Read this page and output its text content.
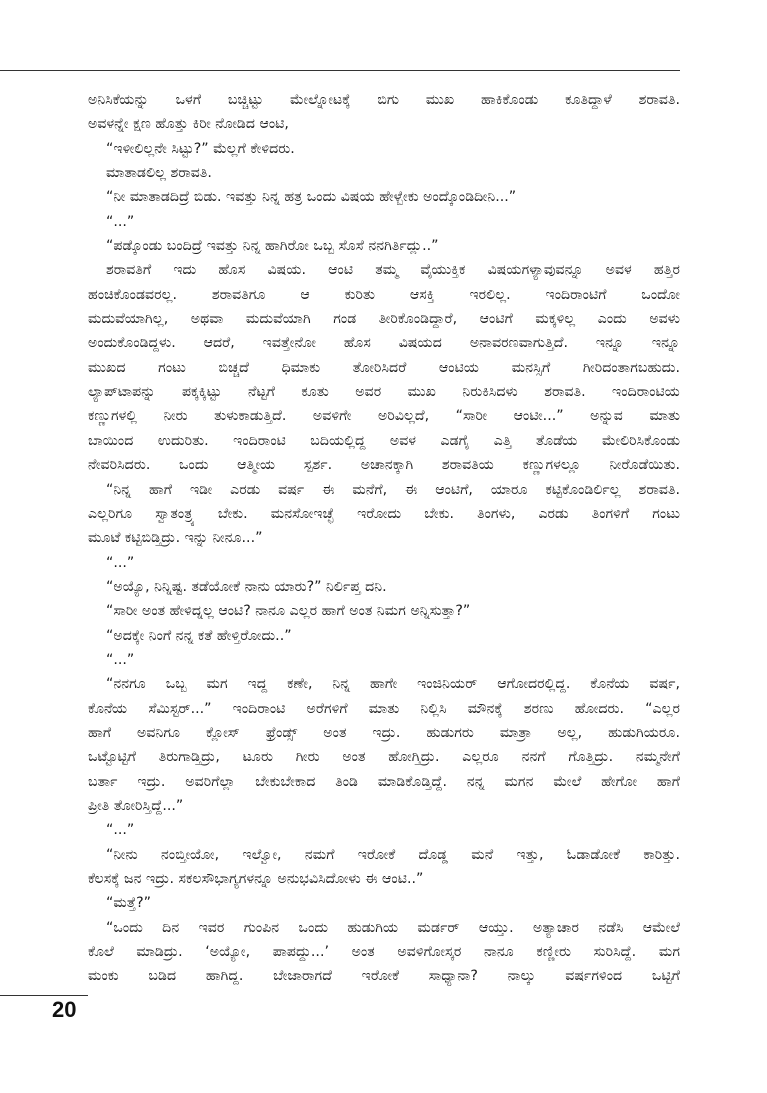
ಅನಿಸಿಕೆಯನ್ನು ಒಳಗೆ ಬಚ್ಚಿಟ್ಟು ಮೇಲ್ನೋಟಕ್ಕೆ ಬಿಗು ಮುಖ ಹಾಕಿಕೊಂಡು ಕೂತಿದ್ದಾಳೆ ಶರಾವತಿ.
ಅವಳನ್ನೇ ಕ್ಷಣ ಹೊತ್ತು ಕಿರೀ ನೋಡಿದ ಆಂಟಿ,
“ಇಳೀಲಿಲ್ಲನೇ ಸಿಟ್ಟು?” ಮೆಲ್ಲಗೆ ಕೇಳಿದರು.
ಮಾತಾಡಲಿಲ್ಲ ಶರಾವತಿ.
“ನೀ ಮಾತಾಡದಿದ್ರೆ ಬಿಡು. ಇವತ್ತು ನಿನ್ನ ಹತ್ರ ಒಂದು ವಿಷಯ ಹೇಳ್ಬೇಕು ಅಂದ್ಕೊಂಡಿದೀನಿ...”
“...”
“ಪಡ್ಕೊಂಡು ಬಂದಿದ್ರೆ ಇವತ್ತು ನಿನ್ನ ಹಾಗಿರೋ ಒಬ್ಬ ಸೊಸೆ ನನಗಿರ್ತಿದ್ಲು..”
ಶರಾವತಿಗೆ ಇದು ಹೊಸ ವಿಷಯ. ಆಂಟಿ ತಮ್ಮ ವೈಯುಕ್ತಿಕ ವಿಷಯಗಳ್ಯಾವುವನ್ನೂ ಅವಳ ಹತ್ತಿರ
ಹಂಚಿಕೊಂಡವರಲ್ಲ. ಶರಾವತಿಗೂ ಆ ಕುರಿತು ಆಸಕ್ತಿ ಇರಲಿಲ್ಲ. ಇಂದಿರಾಂಟಿಗೆ ಒಂದೋ
ಮದುವೆಯಾಗಿಲ್ಲ, ಅಥವಾ ಮದುವೆಯಾಗಿ ಗಂಡ ತೀರಿಕೊಂಡಿದ್ದಾರೆ, ಆಂಟಿಗೆ ಮಕ್ಕಳಿಲ್ಲ ಎಂದು ಅವಳು
ಅಂದುಕೊಂಡಿದ್ದಳು. ಆದರೆ, ಇವತ್ತೇನೋ ಹೊಸ ವಿಷಯದ ಅನಾವರಣವಾಗುತ್ತಿದೆ. ಇನ್ನೂ ಇನ್ನೂ
ಮುಖದ ಗಂಟು ಬಿಚ್ಚದೆ ಧಿಮಾಕು ತೋರಿಸಿದರೆ ಆಂಟಿಯ ಮನಸ್ಸಿಗೆ ಗೀರಿದಂತಾಗಬಹುದು.
ಲ್ಯಾಪ್‌ಟಾಪನ್ನು ಪಕ್ಕಕ್ಕಿಟ್ಟು ನೆಟ್ಟಗೆ ಕೂತು ಅವರ ಮುಖ ನಿರುಕಿಸಿದಳು ಶರಾವತಿ. ಇಂದಿರಾಂಟಿಯ
ಕಣ್ಣುಗಳಲ್ಲಿ ನೀರು ತುಳುಕಾಡುತ್ತಿದೆ. ಅವಳಿಗೇ ಅರಿವಿಲ್ಲದೆ, “ಸಾರೀ ಆಂಟೀ...” ಅನ್ನುವ ಮಾತು
ಬಾಯಿಂದ ಉದುರಿತು. ಇಂದಿರಾಂಟಿ ಬದಿಯಲ್ಲಿದ್ದ ಅವಳ ಎಡಗೈ ಎತ್ತಿ ತೊಡೆಯ ಮೇಲಿರಿಸಿಕೊಂಡು
ನೇವರಿಸಿದರು. ಒಂದು ಆತ್ಮೀಯ ಸ್ಪರ್ಶ. ಅಚಾನಕ್ಕಾಗಿ ಶರಾವತಿಯ ಕಣ್ಣುಗಳಲ್ಲೂ ನೀರೊಡೆಯಿತು.
“ನಿನ್ನ ಹಾಗೆ ಇಡೀ ಎರಡು ವರ್ಷ ಈ ಮನೆಗೆ, ಈ ಆಂಟಿಗೆ, ಯಾರೂ ಕಟ್ಟಿಕೊಂಡಿರ್ಲಿಲ್ಲ ಶರಾವತಿ.
ಎಲ್ಲರಿಗೂ ಸ್ವಾತಂತ್ರ್ಯ ಬೇಕು. ಮನಸೋಇಚ್ಛೆ ಇರೋದು ಬೇಕು. ತಿಂಗಳು, ಎರಡು ತಿಂಗಳಿಗೆ ಗಂಟು
ಮೂಟೆ ಕಟ್ಟಿಬಿಡ್ತಿದ್ರು. ಇನ್ನು ನೀನೂ...”
“...”
“ಅಯ್ಯೊ, ನಿನ್ನಿಷ್ಟ. ತಡೆಯೋಕೆ ನಾನು ಯಾರು?” ನಿರ್ಲಿಪ್ತ ದನಿ.
“ಸಾರೀ ಅಂತ ಹೇಳಿದ್ನಲ್ಲ ಆಂಟಿ? ನಾನೂ ಎಲ್ಲರ ಹಾಗೆ ಅಂತ ನಿಮಗ ಅನ್ನಿಸುತ್ತಾ?”
“ಅದಕ್ಕೇ ನಿಂಗೆ ನನ್ನ ಕತೆ ಹೇಳ್ತಿರೋದು..”
“...”
“ನನಗೂ ಒಬ್ಬ ಮಗ ಇದ್ದ ಕಣೇ, ನಿನ್ನ ಹಾಗೇ ಇಂಜಿನಿಯರ್ ಆಗೋದರಲ್ಲಿದ್ದ. ಕೊನೆಯ ವರ್ಷ,
ಕೊನೆಯ ಸೆಮಿಸ್ಟರ್...” ಇಂದಿರಾಂಟಿ ಅರೆಗಳಿಗೆ ಮಾತು ನಿಲ್ಲಿಸಿ ಮೌನಕ್ಕೆ ಶರಣು ಹೋದರು. “ಎಲ್ಲರ
ಹಾಗೆ ಅವನಿಗೂ ಕ್ಲೋಸ್ ಫ್ರೆಂಡ್ಸ್ ಅಂತ ಇದ್ರು. ಹುಡುಗರು ಮಾತ್ರಾ ಅಲ್ಲ, ಹುಡುಗಿಯರೂ.
ಒಟ್ಟೊಟ್ಟಿಗೆ ತಿರುಗಾಡ್ತಿದ್ರು, ಟೂರು ಗೀರು ಅಂತ ಹೋಗ್ತಿದ್ರು. ಎಲ್ಲರೂ ನನಗೆ ಗೊತ್ತಿದ್ರು. ನಮ್ಮನೇಗೆ
ಬರ್ತಾ ಇದ್ರು. ಅವರಿಗೆಲ್ಲಾ ಬೇಕುಬೇಕಾದ ತಿಂಡಿ ಮಾಡಿಕೊಡ್ತಿದ್ದೆ. ನನ್ನ ಮಗನ ಮೇಲೆ ಹೇಗೋ ಹಾಗೆ
ಪ್ರೀತಿ ತೋರಿಸ್ತಿದ್ದೆ...”
“...”
“ನೀನು ನಂಬ್ತೀಯೋ, ಇಲ್ವೋ, ನಮಗೆ ಇರೋಕೆ ದೊಡ್ಡ ಮನೆ ಇತ್ತು, ಓಡಾಡೋಕೆ ಕಾರಿತ್ತು.
ಕೆಲಸಕ್ಕೆ ಜನ ಇದ್ರು. ಸಕಲಸೌಭಾಗ್ಯಗಳನ್ನೂ ಅನುಭವಿಸಿದೋಳು ಈ ಆಂಟಿ..”
“ಮತ್ತೆ?”
“ಒಂದು ದಿನ ಇವರ ಗುಂಪಿನ ಒಂದು ಹುಡುಗಿಯ ಮರ್ಡರ್ ಆಯ್ತು. ಅತ್ಯಾಚಾರ ನಡೆಸಿ ಆಮೇಲೆ
ಕೊಲೆ ಮಾಡಿದ್ರು. ‘ಅಯ್ಯೋ, ಪಾಪದ್ದು...’ ಅಂತ ಅವಳಿಗೋಸ್ಕರ ನಾನೂ ಕಣ್ಣೀರು ಸುರಿಸಿದ್ದೆ. ಮಗ
ಮಂಕು ಬಡಿದ ಹಾಗಿದ್ದ. ಬೇಜಾರಾಗದೆ ಇರೋಕೆ ಸಾಧ್ಯಾನಾ? ನಾಲ್ಕು ವರ್ಷಗಳಿಂದ ಒಟ್ಟಿಗೆ
20
